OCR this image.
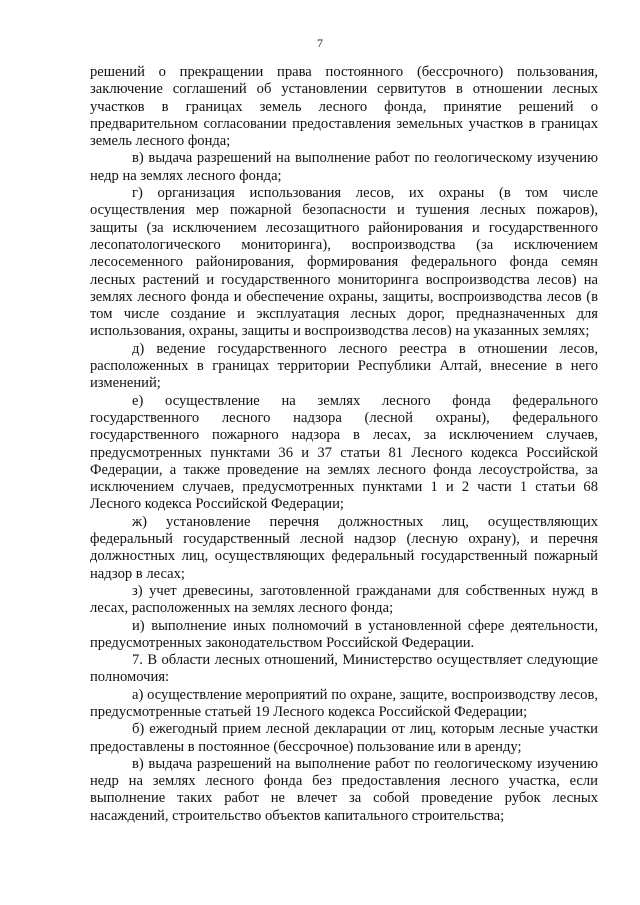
7

решений о прекращении права постоянного (бессрочного) пользования, заключение соглашений об установлении сервитутов в отношении лесных участков в границах земель лесного фонда, принятие решений о предварительном согласовании предоставления земельных участков в границах земель лесного фонда;

в) выдача разрешений на выполнение работ по геологическому изучению недр на землях лесного фонда;

г) организация использования лесов, их охраны (в том числе осуществления мер пожарной безопасности и тушения лесных пожаров), защиты (за исключением лесозащитного районирования и государственного лесопатологического мониторинга), воспроизводства (за исключением лесосеменного районирования, формирования федерального фонда семян лесных растений и государственного мониторинга воспроизводства лесов) на землях лесного фонда и обеспечение охраны, защиты, воспроизводства лесов (в том числе создание и эксплуатация лесных дорог, предназначенных для использования, охраны, защиты и воспроизводства лесов) на указанных землях;

д) ведение государственного лесного реестра в отношении лесов, расположенных в границах территории Республики Алтай, внесение в него изменений;

е) осуществление на землях лесного фонда федерального государственного лесного надзора (лесной охраны), федерального государственного пожарного надзора в лесах, за исключением случаев, предусмотренных пунктами 36 и 37 статьи 81 Лесного кодекса Российской Федерации, а также проведение на землях лесного фонда лесоустройства, за исключением случаев, предусмотренных пунктами 1 и 2 части 1 статьи 68 Лесного кодекса Российской Федерации;

ж) установление перечня должностных лиц, осуществляющих федеральный государственный лесной надзор (лесную охрану), и перечня должностных лиц, осуществляющих федеральный государственный пожарный надзор в лесах;

з) учет древесины, заготовленной гражданами для собственных нужд в лесах, расположенных на землях лесного фонда;

и) выполнение иных полномочий в установленной сфере деятельности, предусмотренных законодательством Российской Федерации.

7. В области лесных отношений, Министерство осуществляет следующие полномочия:

а) осуществление мероприятий по охране, защите, воспроизводству лесов, предусмотренные статьей 19 Лесного кодекса Российской Федерации;

б) ежегодный прием лесной декларации от лиц, которым лесные участки предоставлены в постоянное (бессрочное) пользование или в аренду;

в) выдача разрешений на выполнение работ по геологическому изучению недр на землях лесного фонда без предоставления лесного участка, если выполнение таких работ не влечет за собой проведение рубок лесных насаждений, строительство объектов капитального строительства;
